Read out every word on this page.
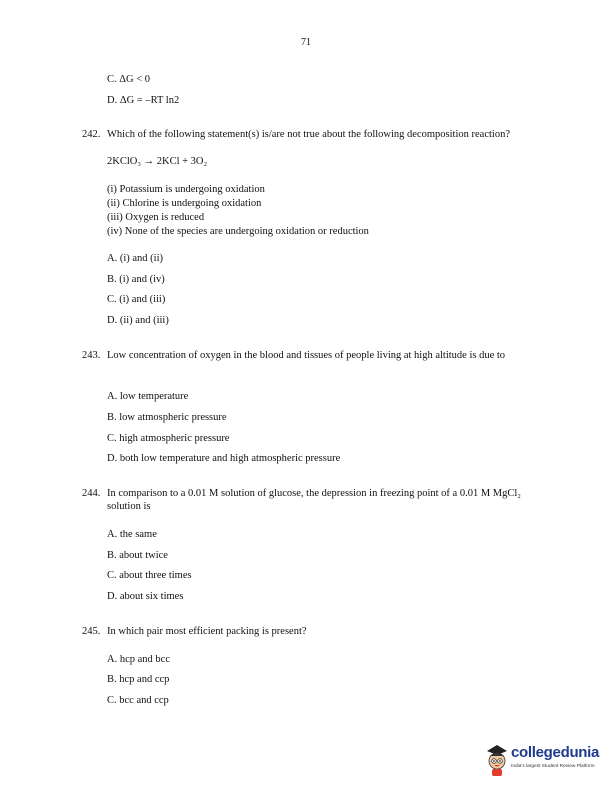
71
C. ΔG < 0
D. ΔG = –RT ln2
242. Which of the following statement(s) is/are not true about the following decomposition reaction?
2KClO₃ → 2KCl + 3O₂
(i) Potassium is undergoing oxidation
(ii) Chlorine is undergoing oxidation
(iii) Oxygen is reduced
(iv) None of the species are undergoing oxidation or reduction
A. (i) and (ii)
B. (i) and (iv)
C. (i) and (iii)
D. (ii) and (iii)
243. Low concentration of oxygen in the blood and tissues of people living at high altitude is due to
A. low temperature
B. low atmospheric pressure
C. high atmospheric pressure
D. both low temperature and high atmospheric pressure
244. In comparison to a 0.01 M solution of glucose, the depression in freezing point of a 0.01 M MgCl₂ solution is
A. the same
B. about twice
C. about three times
D. about six times
245. In which pair most efficient packing is present?
A. hcp and bcc
B. hcp and ccp
C. bcc and ccp
collegedunia
India's largest Student Review Platform
